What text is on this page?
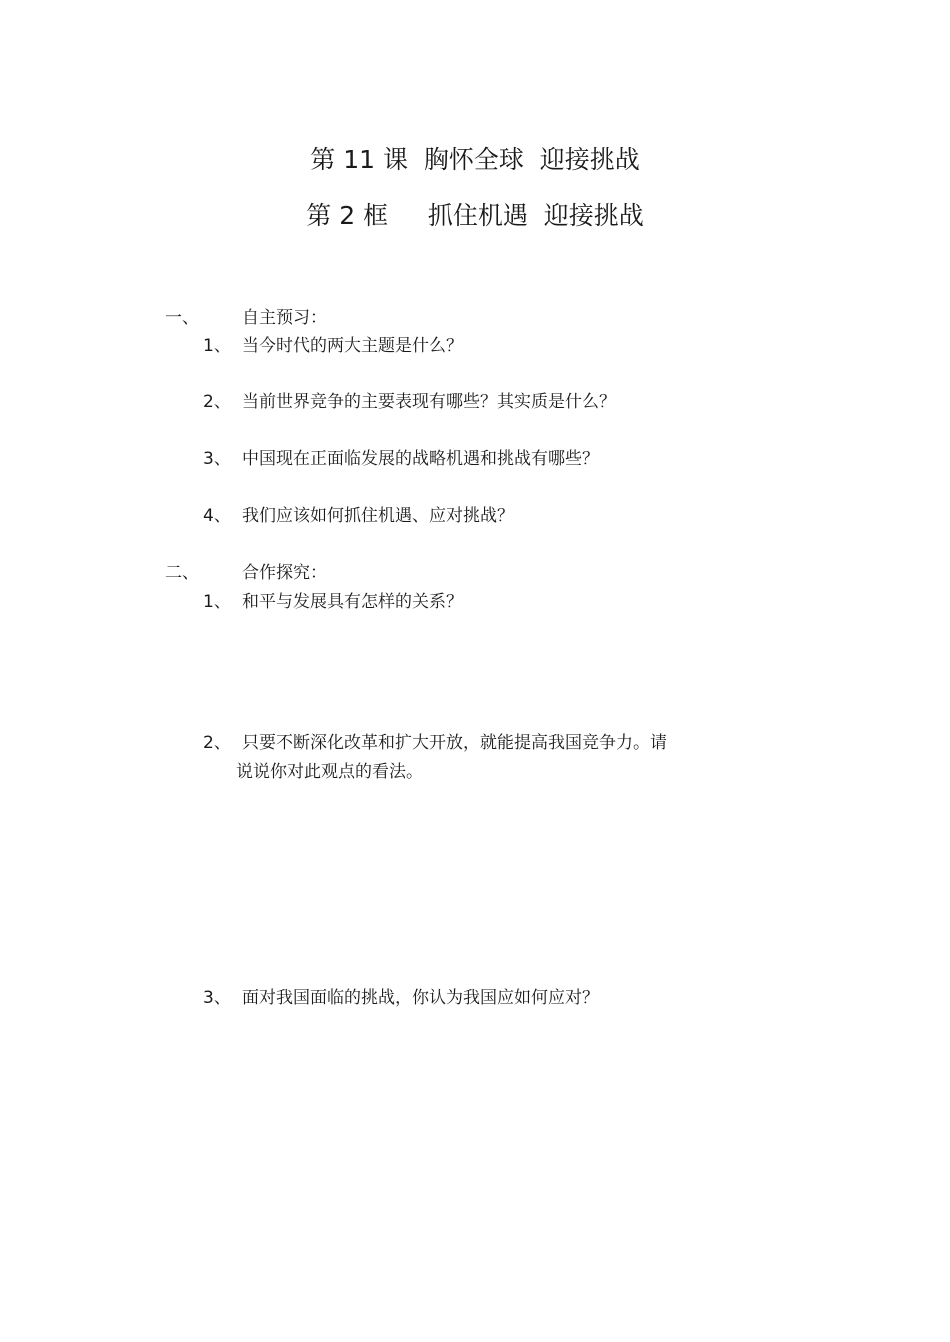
第 11 课  胸怀全球  迎接挑战
第 2 框     抓住机遇  迎接挑战
一、	自主预习：
1、 当今时代的两大主题是什么？
2、 当前世界竞争的主要表现有哪些？其实质是什么？
3、 中国现在正面临发展的战略机遇和挑战有哪些？
4、 我们应该如何抓住机遇、应对挑战？
二、	合作探究：
1、 和平与发展具有怎样的关系？
2、 只要不断深化改革和扩大开放，就能提高我国竞争力。请
说说你对此观点的看法。
3、 面对我国面临的挑战，你认为我国应如何应对？
